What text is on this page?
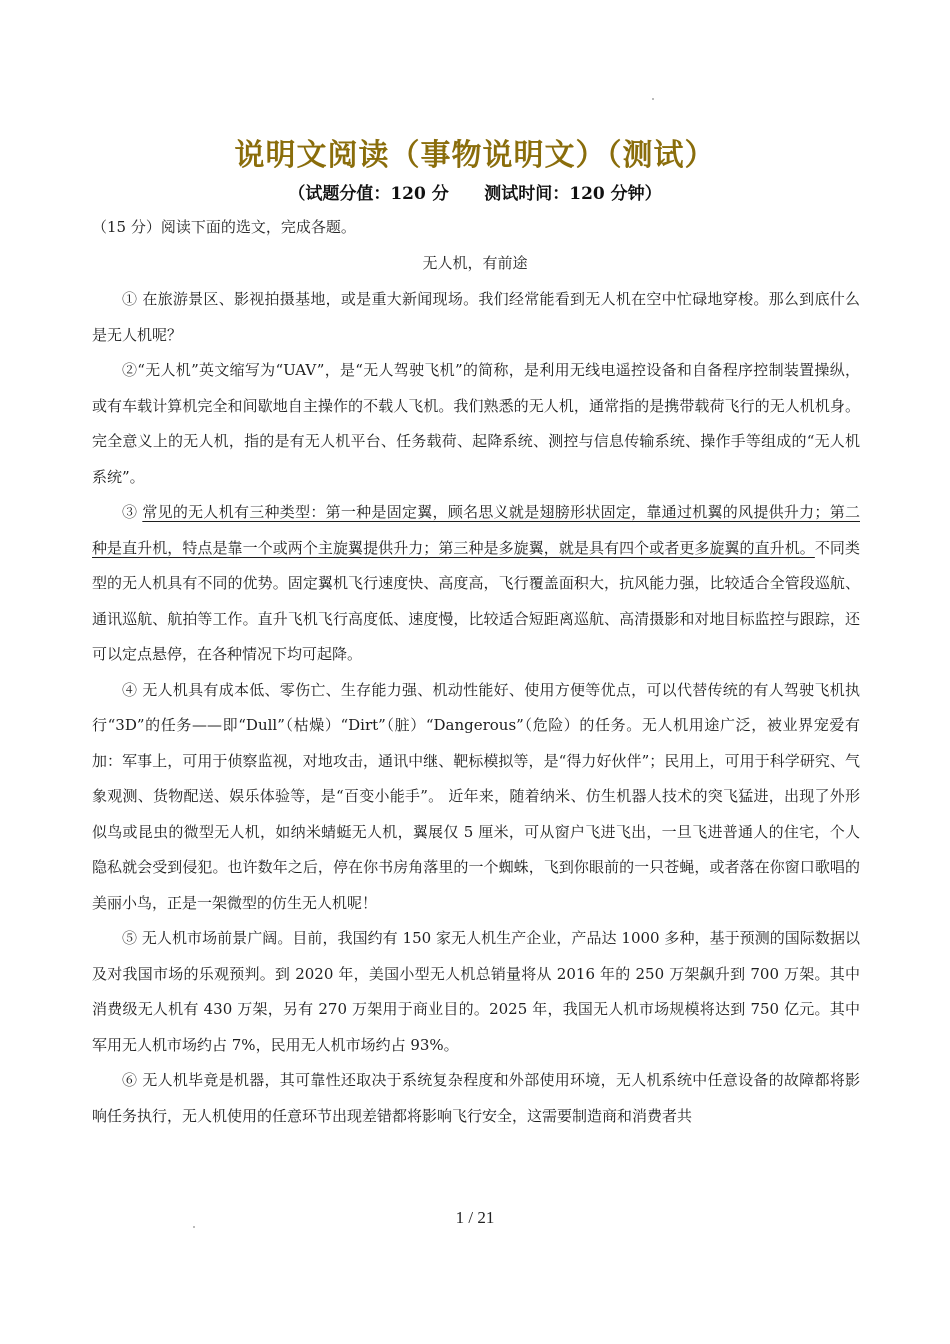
说明文阅读（事物说明文）（测试）
（试题分值：120 分      测试时间：120 分钟）
（15 分）阅读下面的选文，完成各题。
无人机，有前途

① 在旅游景区、影视拍摄基地，或是重大新闻现场。我们经常能看到无人机在空中忙碌地穿梭。那么到底什么是无人机呢？

②“无人机”英文缩写为“UAV”，是“无人驾驶飞机”的简称，是利用无线电遥控设备和自备程序控制装置操纵，或有车载计算机完全和间歇地自主操作的不载人飞机。我们熟悉的无人机，通常指的是携带载荷飞行的无人机机身。完全意义上的无人机，指的是有无人机平台、任务载荷、起降系统、测控与信息传输系统、操作手等组成的“无人机系统”。

③ 常见的无人机有三种类型：第一种是固定翼，顾名思义就是翅膀形状固定，靠通过机翼的风提供升力；第二种是直升机，特点是靠一个或两个主旋翼提供升力；第三种是多旋翼，就是具有四个或者更多旋翼的直升机。不同类型的无人机具有不同的优势。固定翼机飞行速度快、高度高，飞行覆盖面积大，抗风能力强，比较适合全管段巡航、通讯巡航、航拍等工作。直升飞机飞行高度低、速度慢，比较适合短距离巡航、高清摄影和对地目标监控与跟踪，还可以定点悬停，在各种情况下均可起降。

④ 无人机具有成本低、零伤亡、生存能力强、机动性能好、使用方便等优点，可以代替传统的有人驾驶飞机执行“3D”的任务——即“Dull”（枯燥）“Dirt”（脏）“Dangerous”（危险）的任务。无人机用途广泛，被业界宠爱有加：军事上，可用于侦察监视，对地攻击，通讯中继、靶标模拟等，是“得力好伙伴”；民用上，可用于科学研究、气象观测、货物配送、娱乐体验等，是“百变小能手”。 近年来，随着纳米、仿生机器人技术的突飞猛进，出现了外形似鸟或昆虫的微型无人机，如纳米蜻蜓无人机，翼展仅 5 厘米，可从窗户飞进飞出，一旦飞进普通人的住宅，个人隐私就会受到侵犯。也许数年之后，停在你书房角落里的一个蜘蛛，飞到你眼前的一只苍蝇，或者落在你窗口歌唱的美丽小鸟，正是一架微型的仿生无人机呢！

⑤ 无人机市场前景广阔。目前，我国约有 150 家无人机生产企业，产品达 1000 多种，基于预测的国际数据以及对我国市场的乐观预判。到 2020 年，美国小型无人机总销量将从 2016 年的 250 万架飙升到 700 万架。其中消费级无人机有 430 万架，另有 270 万架用于商业目的。2025 年，我国无人机市场规模将达到 750 亿元。其中军用无人机市场约占 7%，民用无人机市场约占 93%。

⑥ 无人机毕竟是机器，其可靠性还取决于系统复杂程度和外部使用环境，无人机系统中任意设备的故障都将影响任务执行，无人机使用的任意环节出现差错都将影响飞行安全，这需要制造商和消费者共

1 / 21
